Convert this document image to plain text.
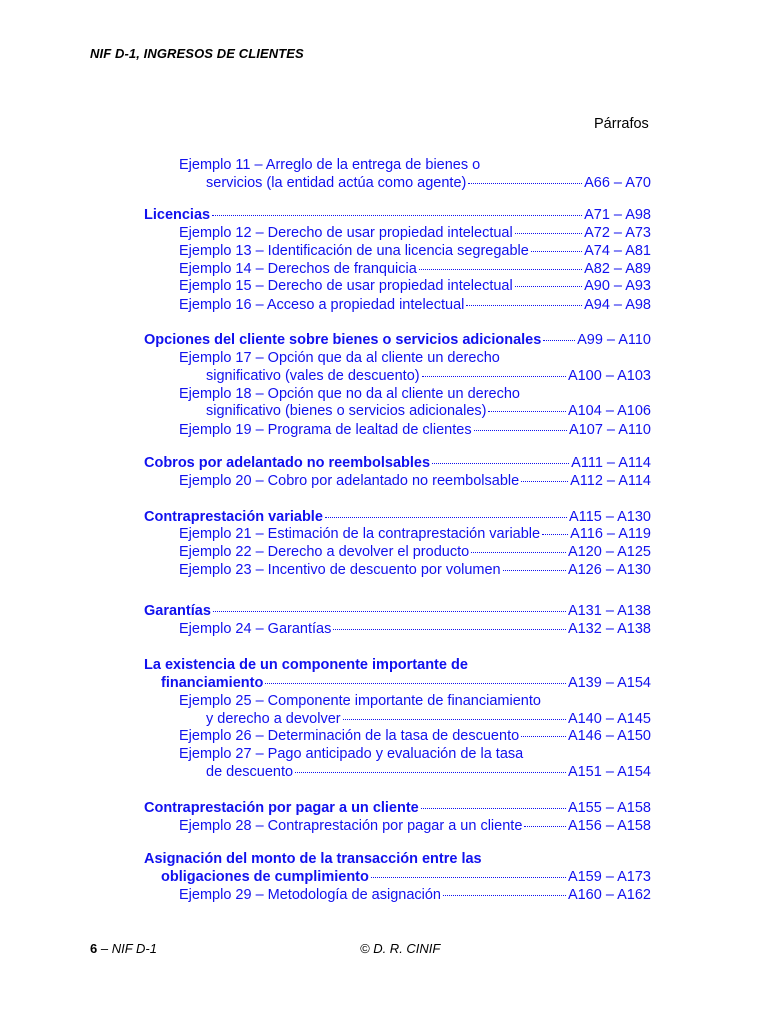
NIF D-1, INGRESOS DE CLIENTES
Párrafos
Ejemplo 11 – Arreglo de la entrega de bienes o
servicios (la entidad actúa como agente)	A66 – A70
Licencias	A71 – A98
Ejemplo 12 – Derecho de usar propiedad intelectual	A72 – A73
Ejemplo 13 – Identificación de una licencia segregable	A74 – A81
Ejemplo 14 – Derechos de franquicia	A82 – A89
Ejemplo 15 – Derecho de usar propiedad intelectual	A90 – A93
Ejemplo 16 – Acceso a propiedad intelectual	A94 – A98
Opciones del cliente sobre bienes o servicios adicionales A99 – A110
Ejemplo 17 – Opción que da al cliente un derecho
significativo (vales de descuento)	A100 – A103
Ejemplo 18 – Opción que no da al cliente un derecho
significativo (bienes o servicios adicionales)	A104 – A106
Ejemplo 19 – Programa de lealtad de clientes	A107 – A110
Cobros por adelantado no reembolsables	A111 – A114
Ejemplo 20 – Cobro por adelantado no reembolsable	A112 – A114
Contraprestación variable	A115 – A130
Ejemplo 21 – Estimación de la contraprestación variable A116 – A119
Ejemplo 22 – Derecho a devolver el producto	A120 – A125
Ejemplo 23 – Incentivo de descuento por volumen	A126 – A130
Garantías	A131 – A138
Ejemplo 24 – Garantías	A132 – A138
La existencia de un componente importante de
financiamiento	A139 – A154
Ejemplo 25 – Componente importante de financiamiento
y derecho a devolver	A140 – A145
Ejemplo 26 – Determinación de la tasa de descuento	A146 – A150
Ejemplo 27 – Pago anticipado y evaluación de la tasa
de descuento	A151 – A154
Contraprestación por pagar a un cliente	A155 – A158
Ejemplo 28 – Contraprestación por pagar a un cliente	A156 – A158
Asignación del monto de la transacción entre las
obligaciones de cumplimiento	A159 – A173
Ejemplo 29 – Metodología de asignación	A160 – A162
6 – NIF D-1	© D. R. CINIF
